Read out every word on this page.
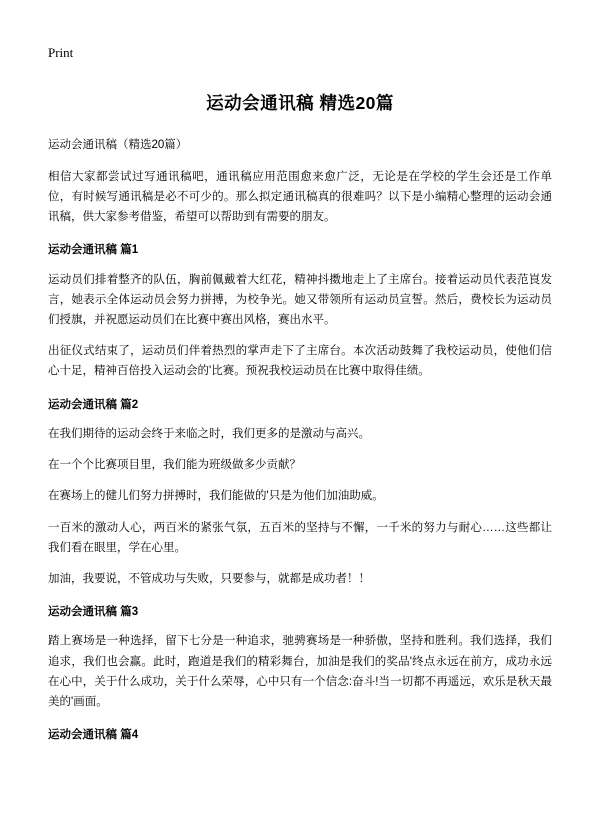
Print
运动会通讯稿 精选20篇
运动会通讯稿（精选20篇）

相信大家都尝试过写通讯稿吧，通讯稿应用范围愈来愈广泛，无论是在学校的学生会还是工作单位，有时候写通讯稿是必不可少的。那么拟定通讯稿真的很难吗？以下是小编精心整理的运动会通讯稿，供大家参考借鉴，希望可以帮助到有需要的朋友。

运动会通讯稿 篇1

运动员们排着整齐的队伍，胸前佩戴着大红花，精神抖擞地走上了主席台。接着运动员代表范峎发言，她表示全体运动员会努力拼搏，为校争光。她又带领所有运动员宣誓。然后，费校长为运动员们授旗，并祝愿运动员们在比赛中赛出风格，赛出水平。

出征仪式结束了，运动员们伴着热烈的掌声走下了主席台。本次活动鼓舞了我校运动员，使他们信心十足，精神百倍投入运动会的'比赛。预祝我校运动员在比赛中取得佳绩。

运动会通讯稿 篇2

在我们期待的运动会终于来临之时，我们更多的是激动与高兴。

在一个个比赛项目里，我们能为班级做多少贡献？

在赛场上的健儿们努力拼搏时，我们能做的'只是为他们加油助威。

一百米的激动人心，两百米的紧张气氛，五百米的坚持与不懈，一千米的努力与耐心……这些都让我们看在眼里，学在心里。

加油，我要说，不管成功与失败，只要参与，就都是成功者！！

运动会通讯稿 篇3

踏上赛场是一种选择，留下七分是一种追求，驰骋赛场是一种骄傲，坚持和胜利。我们选择，我们追求，我们也会赢。此时，跑道是我们的精彩舞台，加油是我们的奖品'终点永远在前方，成功永远在心中，关于什么成功，关于什么荣辱，心中只有一个信念:奋斗!当一切都不再遥远，欢乐是秋天最美的'画面。

运动会通讯稿 篇4
